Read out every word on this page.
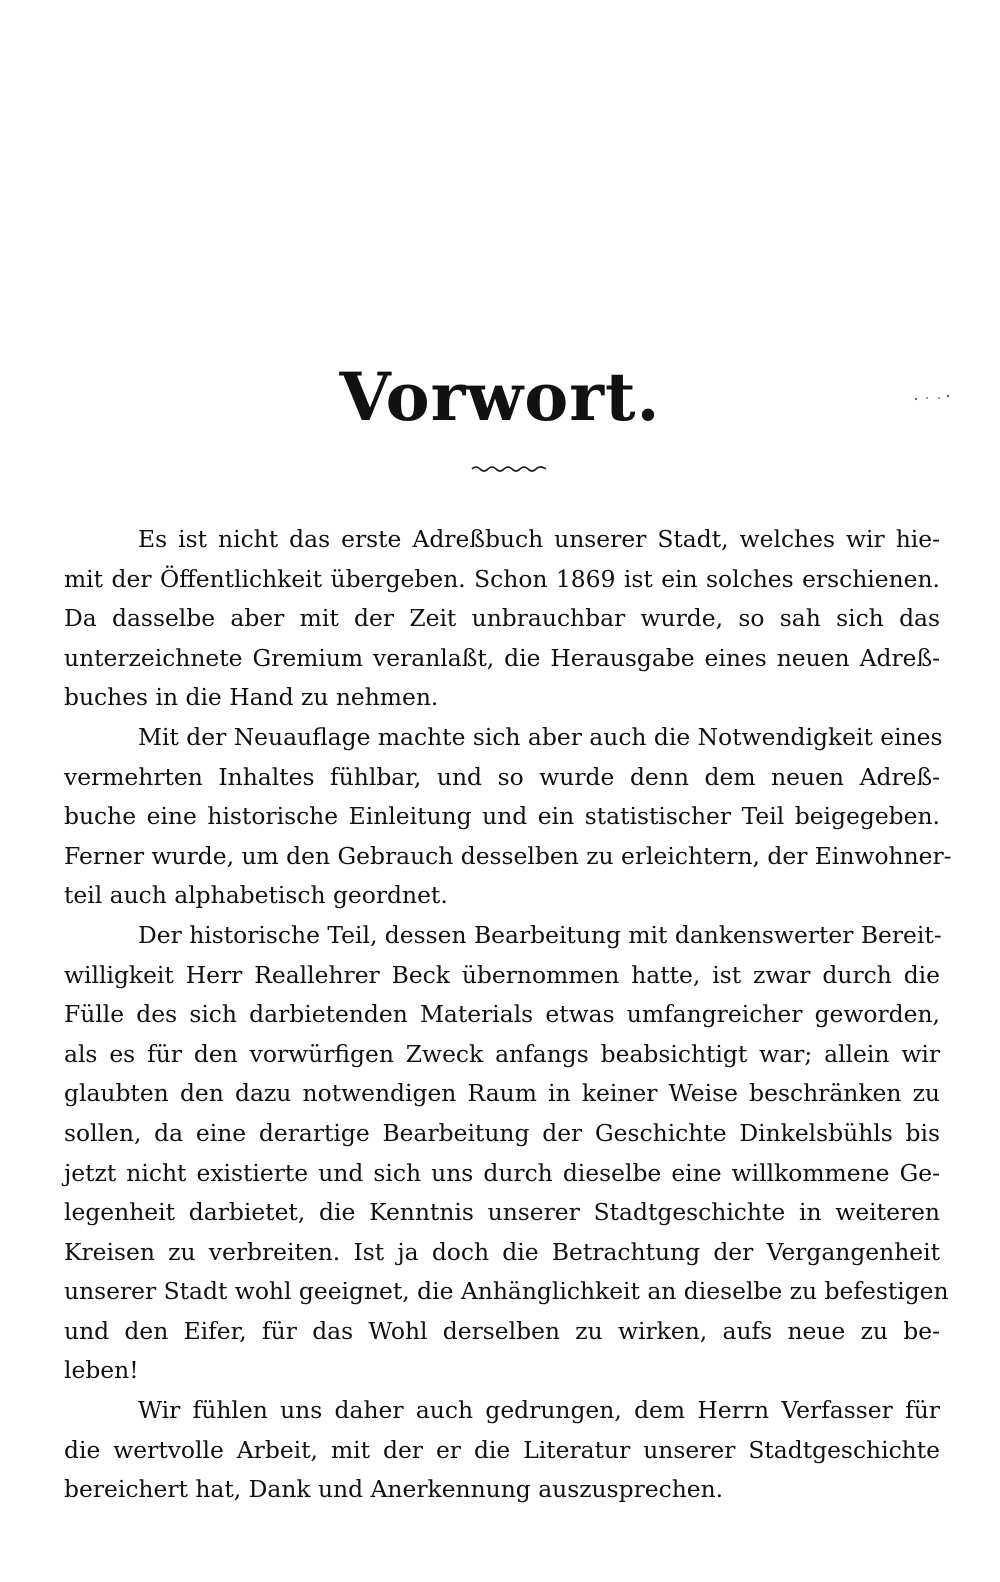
Vorwort.
Es ist nicht das erste Adreßbuch unserer Stadt, welches wir hie-
mit der Öffentlichkeit übergeben. Schon 1869 ist ein solches erschienen.
Da dasselbe aber mit der Zeit unbrauchbar wurde, so sah sich das
unterzeichnete Gremium veranlaßt, die Herausgabe eines neuen Adreß-
buches in die Hand zu nehmen.
Mit der Neuauflage machte sich aber auch die Notwendigkeit eines
vermehrten Inhaltes fühlbar, und so wurde denn dem neuen Adreß-
buche eine historische Einleitung und ein statistischer Teil beigegeben.
Ferner wurde, um den Gebrauch desselben zu erleichtern, der Einwohner-
teil auch alphabetisch geordnet.
Der historische Teil, dessen Bearbeitung mit dankenswerter Bereit-
willigkeit Herr Reallehrer Beck übernommen hatte, ist zwar durch die
Fülle des sich darbietenden Materials etwas umfangreicher geworden,
als es für den vorwürfigen Zweck anfangs beabsichtigt war; allein wir
glaubten den dazu notwendigen Raum in keiner Weise beschränken zu
sollen, da eine derartige Bearbeitung der Geschichte Dinkelsbühls bis
jetzt nicht existierte und sich uns durch dieselbe eine willkommene Ge-
legenheit darbietet, die Kenntnis unserer Stadtgeschichte in weiteren
Kreisen zu verbreiten. Ist ja doch die Betrachtung der Vergangenheit
unserer Stadt wohl geeignet, die Anhänglichkeit an dieselbe zu befestigen
und den Eifer, für das Wohl derselben zu wirken, aufs neue zu be-
leben!
Wir fühlen uns daher auch gedrungen, dem Herrn Verfasser für
die wertvolle Arbeit, mit der er die Literatur unserer Stadtgeschichte
bereichert hat, Dank und Anerkennung auszusprechen.
